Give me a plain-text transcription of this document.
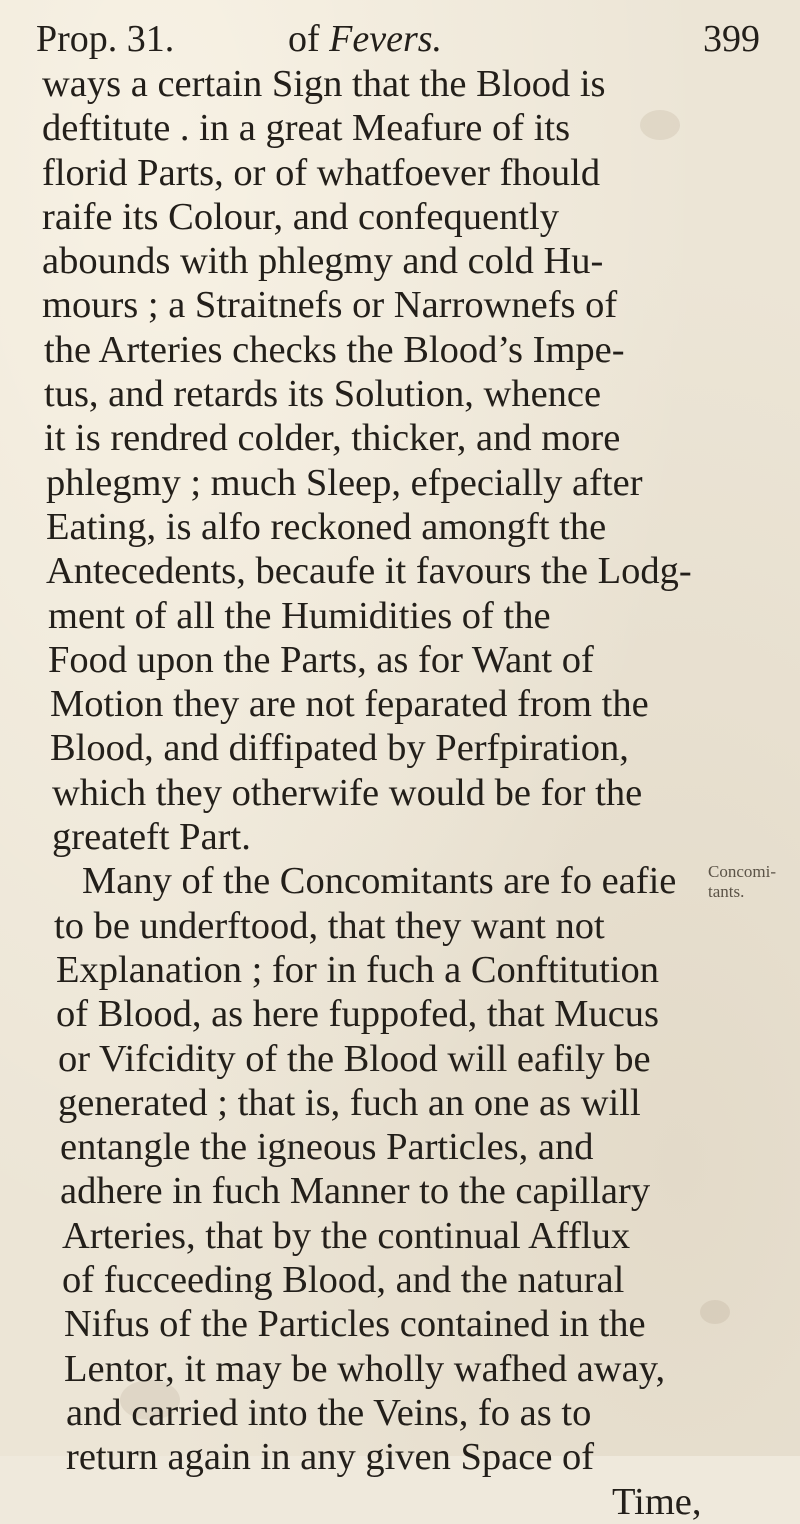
Prop. 31.	of Fevers.	399
ways a certain Sign that the Blood is
deftitute . in a great Meafure of its
florid Parts, or of whatfoever fhould
raife its Colour, and confequently
abounds with phlegmy and cold Hu-
mours ; a Straitnefs or Narrownefs of
the Arteries checks the Blood’s Impe-
tus, and retards its Solution, whence
it is rendred colder, thicker, and more
phlegmy ; much Sleep, efpecially after
Eating, is alfo reckoned amongft the
Antecedents, becaufe it favours the Lodg-
ment of all the Humidities of the
Food upon the Parts, as for Want of
Motion they are not feparated from the
Blood, and diffipated by Perfpiration,
which they otherwife would be for the
greateft Part.
Many of the Concomitants are fo eafie
to be underftood, that they want not
Explanation ; for in fuch a Conftitution
of Blood, as here fuppofed, that Mucus
or Vifcidity of the Blood will eafily be
generated ; that is, fuch an one as will
entangle the igneous Particles, and
adhere in fuch Manner to the capillary
Arteries, that by the continual Afflux
of fucceeding Blood, and the natural
Nifus of the Particles contained in the
Lentor, it may be wholly wafhed away,
and carried into the Veins, fo as to
return again in any given Space of
Time,
Concomi-
tants.
